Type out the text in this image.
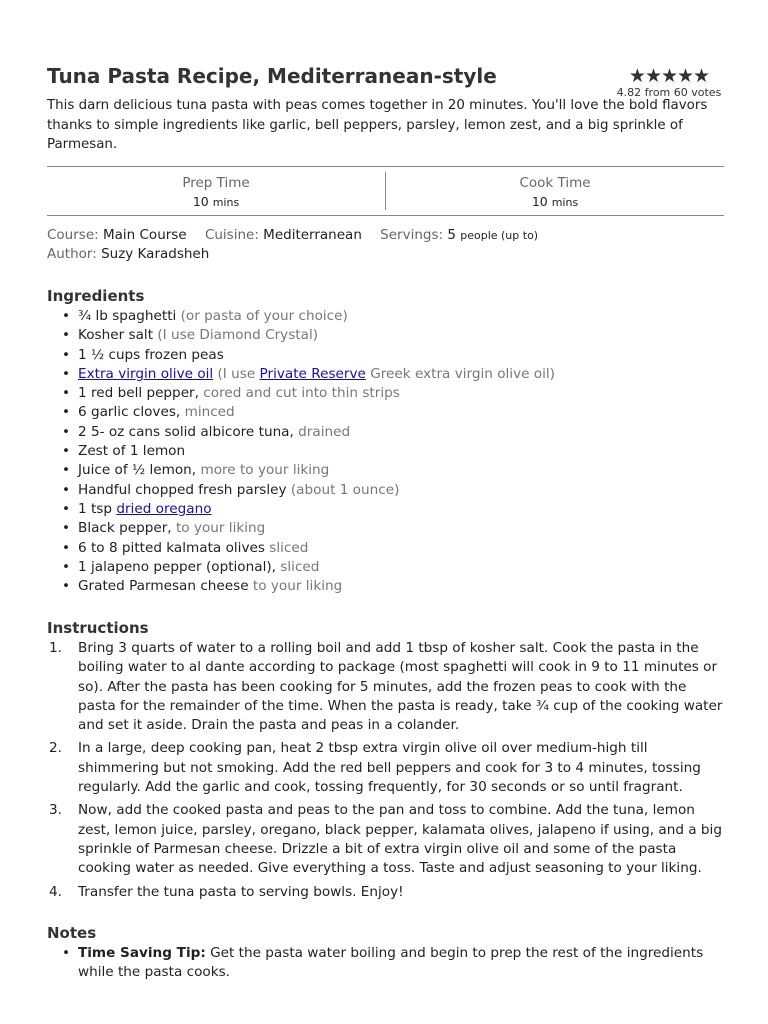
Tuna Pasta Recipe, Mediterranean-style	★★★★★
4.82 from 60 votes

This darn delicious tuna pasta with peas comes together in 20 minutes. You'll love the bold flavors thanks to simple ingredients like garlic, bell peppers, parsley, lemon zest, and a big sprinkle of Parmesan.

Prep Time
10 mins
Cook Time
10 mins
Course: Main Course Cuisine: Mediterranean Servings: 5 people (up to)
Author: Suzy Karadsheh
Ingredients
• ¾ lb spaghetti (or pasta of your choice)
• Kosher salt (I use Diamond Crystal)
• 1 ½ cups frozen peas
• Extra virgin olive oil (I use Private Reserve Greek extra virgin olive oil)
• 1 red bell pepper, cored and cut into thin strips
• 6 garlic cloves, minced
• 2 5- oz cans solid albicore tuna, drained
• Zest of 1 lemon
• Juice of ½ lemon, more to your liking
• Handful chopped fresh parsley (about 1 ounce)
• 1 tsp dried oregano
• Black pepper, to your liking
• 6 to 8 pitted kalmata olives sliced
• 1 jalapeno pepper (optional), sliced
• Grated Parmesan cheese to your liking
Instructions
1. Bring 3 quarts of water to a rolling boil and add 1 tbsp of kosher salt. Cook the pasta in the boiling water to al dante according to package (most spaghetti will cook in 9 to 11 minutes or so). After the pasta has been cooking for 5 minutes, add the frozen peas to cook with the pasta for the remainder of the time. When the pasta is ready, take ¾ cup of the cooking water and set it aside. Drain the pasta and peas in a colander.
2. In a large, deep cooking pan, heat 2 tbsp extra virgin olive oil over medium-high till shimmering but not smoking. Add the red bell peppers and cook for 3 to 4 minutes, tossing regularly. Add the garlic and cook, tossing frequently, for 30 seconds or so until fragrant.
3. Now, add the cooked pasta and peas to the pan and toss to combine. Add the tuna, lemon zest, lemon juice, parsley, oregano, black pepper, kalamata olives, jalapeno if using, and a big sprinkle of Parmesan cheese. Drizzle a bit of extra virgin olive oil and some of the pasta cooking water as needed. Give everything a toss. Taste and adjust seasoning to your liking.
4. Transfer the tuna pasta to serving bowls. Enjoy!
Notes
• Time Saving Tip: Get the pasta water boiling and begin to prep the rest of the ingredients while the pasta cooks.
